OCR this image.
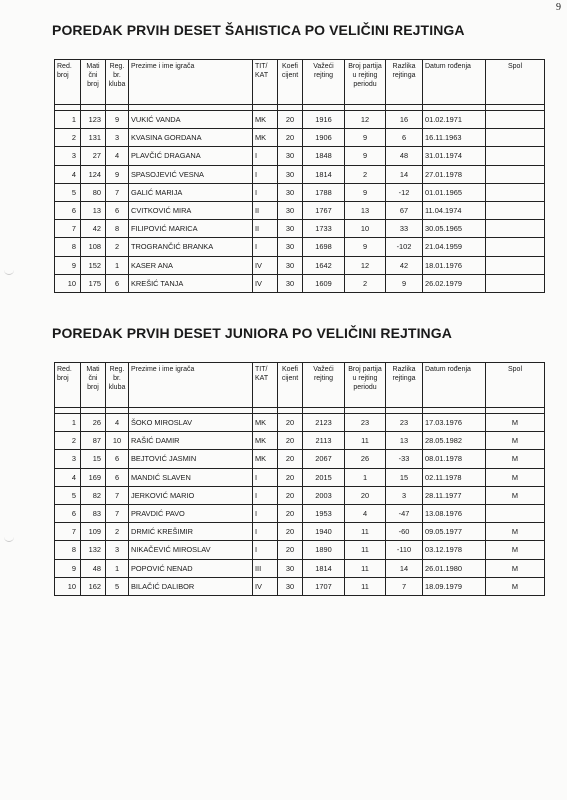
9
POREDAK PRVIH DESET ŠAHISTICA PO VELIČINI REJTINGA
Red. broj	Mati čni broj	Reg. br. kluba	Prezime i ime igrača	TIT/ KAT	Koefi cijent	Važeći rejting	Broj partija u rejting periodu	Razlika rejtinga	Datum rođenja	Spol

1	123	9	VUKIĆ VANDA	MK	20	1916	12	16	01.02.1971	
2	131	3	KVASINA GORDANA	MK	20	1906	9	6	16.11.1963	
3	27	4	PLAVČIĆ DRAGANA	I	30	1848	9	48	31.01.1974	
4	124	9	SPASOJEVIĆ VESNA	I	30	1814	2	14	27.01.1978	
5	80	7	GALIĆ MARIJA	I	30	1788	9	-12	01.01.1965	
6	13	6	CVITKOVIĆ MIRA	II	30	1767	13	67	11.04.1974	
7	42	8	FILIPOVIĆ MARICA	II	30	1733	10	33	30.05.1965	
8	108	2	TROGRANČIĆ BRANKA	I	30	1698	9	-102	21.04.1959	
9	152	1	KASER ANA	IV	30	1642	12	42	18.01.1976	
10	175	6	KREŠIĆ TANJA	IV	30	1609	2	9	26.02.1979	
POREDAK PRVIH DESET JUNIORA PO VELIČINI REJTINGA
Red. broj	Mati čni broj	Reg. br. kluba	Prezime i ime igrača	TIT/ KAT	Koefi cijent	Važeći rejting	Broj partija u rejting periodu	Razlika rejtinga	Datum rođenja	Spol

1	26	4	ŠOKO MIROSLAV	MK	20	2123	23	23	17.03.1976	M
2	87	10	RAŠIĆ DAMIR	MK	20	2113	11	13	28.05.1982	M
3	15	6	BEJTOVIĆ JASMIN	MK	20	2067	26	-33	08.01.1978	M
4	169	6	MANDIĆ SLAVEN	I	20	2015	1	15	02.11.1978	M
5	82	7	JERKOVIĆ MARIO	I	20	2003	20	3	28.11.1977	M
6	83	7	PRAVDIĆ PAVO	I	20	1953	4	-47	13.08.1976	
7	109	2	DRMIĆ KREŠIMIR	I	20	1940	11	-60	09.05.1977	M
8	132	3	NIKAČEVIĆ MIROSLAV	I	20	1890	11	-110	03.12.1978	M
9	48	1	POPOVIĆ NENAD	III	30	1814	11	14	26.01.1980	M
10	162	5	BILAČIĆ DALIBOR	IV	30	1707	11	7	18.09.1979	M
